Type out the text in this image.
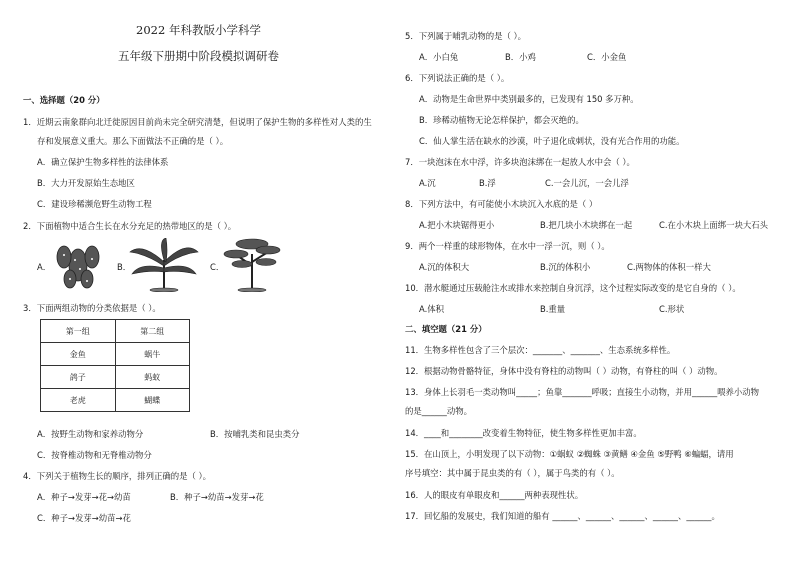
2022 年科教版小学科学
五年级下册期中阶段模拟调研卷
一、选择题（20 分）
1．近期云南象群向北迁徙原因目前尚未完全研究清楚，但说明了保护生物的多样性对人类的生
存和发展意义重大。那么下面做法不正确的是（ ）。
A．确立保护生物多样性的法律体系
B．大力开发原始生态地区
C．建设珍稀濒危野生动物工程
2．下面植物中适合生长在水分充足的热带地区的是（ ）。
A．	B．	C．
3．下面两组动物的分类依据是（ ）。
第一组	第二组
金鱼	蜗牛
鸽子	蚂蚁
老虎	蝴蝶
A．按野生动物和家养动物分	B．按哺乳类和昆虫类分
C．按脊椎动物和无脊椎动物分
4．下列关于植物生长的顺序，排列正确的是（ ）。
A．种子→发芽→花→幼苗	B．种子→幼苗→发芽→花
C．种子→发芽→幼苗→花
5．下列属于哺乳动物的是（ ）。
A．小白兔	B．小鸡	C．小金鱼
6．下列说法正确的是（ ）。
A．动物是生命世界中类别最多的，已发现有 150 多万种。
B．珍稀动植物无论怎样保护，都会灭绝的。
C．仙人掌生活在缺水的沙漠，叶子退化成刺状，没有光合作用的功能。
7．一块泡沫在水中浮，许多块泡沫绑在一起放人水中会（ ）。
A.沉	B.浮	C.一会儿沉，一会儿浮
8．下列方法中，有可能使小木块沉入水底的是（ ）
A.把小木块锯得更小	B.把几块小木块绑在一起	C.在小木块上面绑一块大石头
9．两个一样重的球形物体，在水中一浮一沉，则（ ）。
A.沉的体积大	B.沉的体积小	C.两物体的体积一样大
10．潜水艇通过压载舱注水或排水来控制自身沉浮，这个过程实际改变的是它自身的（ ）。
A.体积	B.重量	C.形状
二、填空题（21 分）
11．生物多样性包含了三个层次：_______、_______、生态系统多样性。
12．根据动物骨骼特征，身体中没有脊柱的动物叫（ ）动物，有脊柱的叫（ ）动物。
13．身体上长羽毛一类动物叫_____；鱼靠_______呼吸；直接生小动物，并用______喂养小动物
的是______动物。
14．____和________改变着生物特征，使生物多样性更加丰富。
15．在山顶上，小明发现了以下动物：①蜗蚁 ②蜘蛛 ③黄鳝 ④金鱼 ⑤野鸭 ⑥蝙蝠，请用
序号填空：其中属于昆虫类的有（ ），属于鸟类的有（ ）。
16．人的眼皮有单眼皮和______两种表现性状。
17．回忆船的发展史，我们知道的船有 ______、______、______、______、______。
